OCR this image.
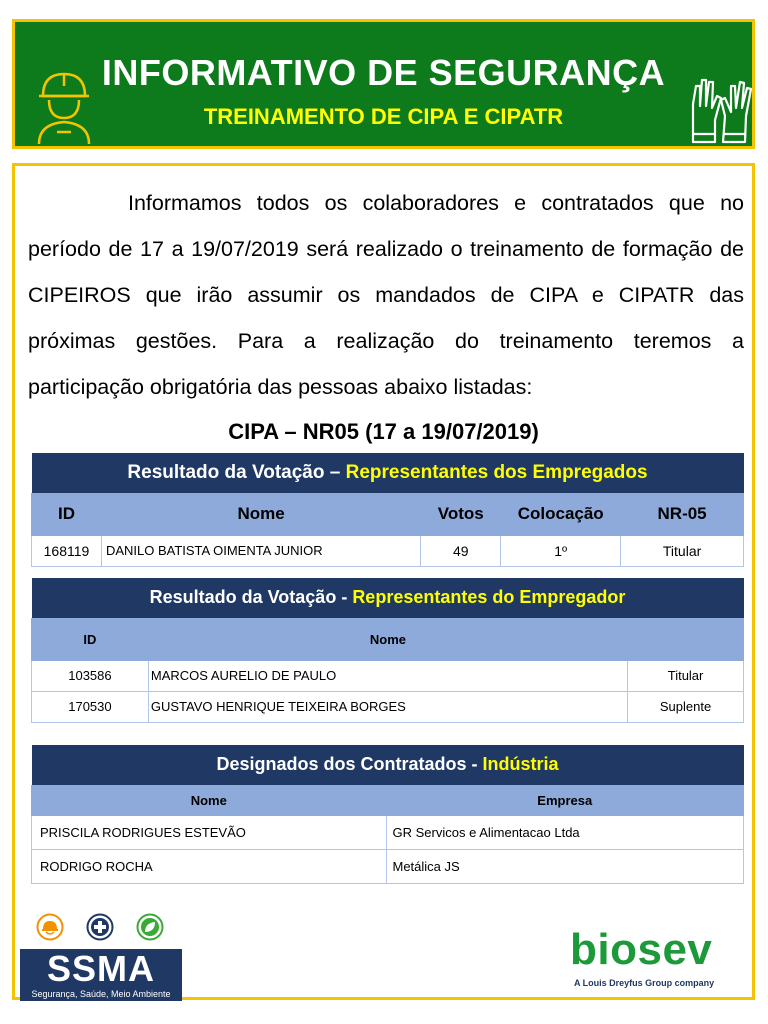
INFORMATIVO DE SEGURANÇA
TREINAMENTO DE CIPA E CIPATR

Informamos todos os colaboradores e contratados que no período de 17 a 19/07/2019 será realizado o treinamento de formação de CIPEIROS que irão assumir os mandados de CIPA e CIPATR das próximas gestões. Para a realização do treinamento teremos a participação obrigatória das pessoas abaixo listadas:

CIPA – NR05 (17 a 19/07/2019)
Resultado da Votação – Representantes dos Empregados				
ID	Nome	Votos	Colocação	NR-05
168119	DANILO BATISTA OIMENTA JUNIOR	49	1º	Titular
Resultado da Votação - Representantes do Empregador		
ID	Nome	
103586	MARCOS AURELIO DE PAULO	Titular
170530	GUSTAVO HENRIQUE TEIXEIRA BORGES	Suplente
Designados dos Contratados - Indústria	
Nome	Empresa
PRISCILA RODRIGUES ESTEVÃO	GR Servicos e Alimentacao Ltda
RODRIGO ROCHA	Metálica JS
SSMA
Segurança, Saúde, Meio Ambiente
biosev
A Louis Dreyfus Group company
